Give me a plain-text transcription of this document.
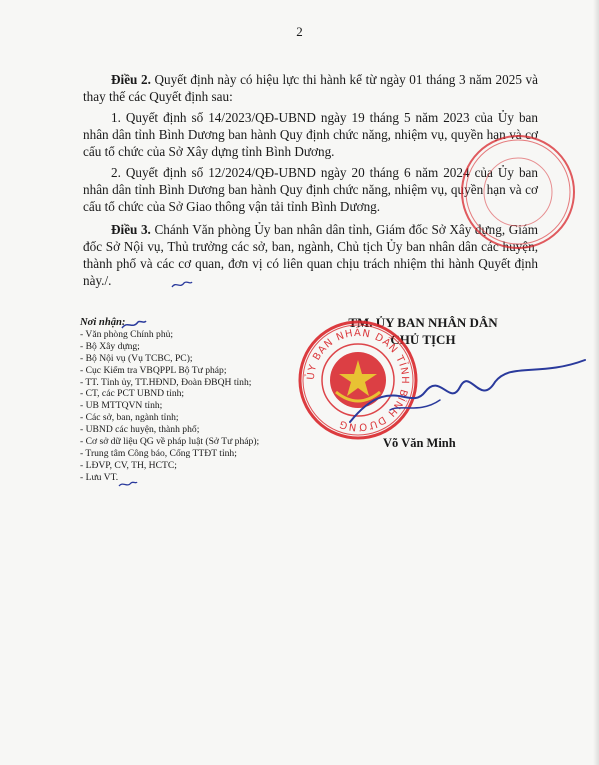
2

Điều 2. Quyết định này có hiệu lực thi hành kể từ ngày 01 tháng 3 năm 2025 và thay thế các Quyết định sau:

1. Quyết định số 14/2023/QĐ-UBND ngày 19 tháng 5 năm 2023 của Ủy ban nhân dân tỉnh Bình Dương ban hành Quy định chức năng, nhiệm vụ, quyền hạn và cơ cấu tổ chức của Sở Xây dựng tỉnh Bình Dương.

2. Quyết định số 12/2024/QĐ-UBND ngày 20 tháng 6 năm 2024 của Ủy ban nhân dân tỉnh Bình Dương ban hành Quy định chức năng, nhiệm vụ, quyền hạn và cơ cấu tổ chức của Sở Giao thông vận tải tỉnh Bình Dương.

Điều 3. Chánh Văn phòng Ủy ban nhân dân tỉnh, Giám đốc Sở Xây dựng, Giám đốc Sở Nội vụ, Thủ trưởng các sở, ban, ngành, Chủ tịch Ủy ban nhân dân các huyện, thành phố và các cơ quan, đơn vị có liên quan chịu trách nhiệm thi hành Quyết định này./.

Nơi nhận:
- Văn phòng Chính phủ;
- Bộ Xây dựng;
- Bộ Nội vụ (Vụ TCBC, PC);
- Cục Kiểm tra VBQPPL Bộ Tư pháp;
- TT. Tỉnh ủy, TT.HĐND, Đoàn ĐBQH tỉnh;
- CT, các PCT UBND tỉnh;
- UB MTTQVN tỉnh;
- Các sở, ban, ngành tỉnh;
- UBND các huyện, thành phố;
- Cơ sở dữ liệu QG về pháp luật (Sở Tư pháp);
- Trung tâm Công báo, Cổng TTĐT tỉnh;
- LĐVP, CV, TH, HCTC;
- Lưu VT.
TM. ỦY BAN NHÂN DÂN
CHỦ TỊCH
ỦY BAN NHÂN DÂN TỈNH BÌNH DƯƠNG
Võ Văn Minh
